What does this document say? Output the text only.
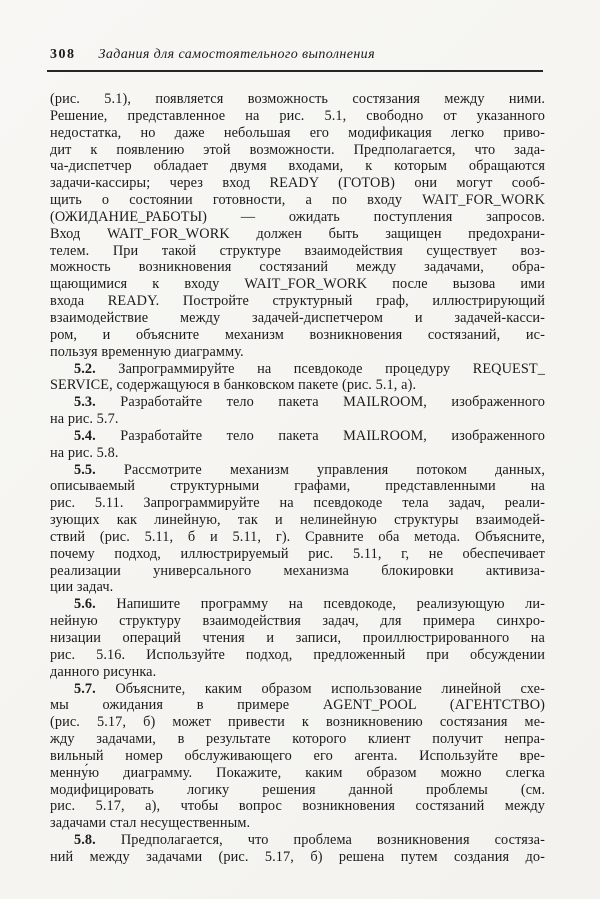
308 Задания для самостоятельного выполнения
(рис. 5.1), появляется возможность состязания между ними.
Решение, представленное на рис. 5.1, свободно от указанного
недостатка, но даже небольшая его модификация легко приво-
дит к появлению этой возможности. Предполагается, что зада-
ча-диспетчер обладает двумя входами, к которым обращаются
задачи-кассиры; через вход READY (ГОТОВ) они могут сооб-
щить о состоянии готовности, а по входу WAIT_FOR_WORK
(ОЖИДАНИЕ_РАБОТЫ) — ожидать поступления запросов.
Вход WAIT_FOR_WORK должен быть защищен предохрани-
телем. При такой структуре взаимодействия существует воз-
можность возникновения состязаний между задачами, обра-
щающимися к входу WAIT_FOR_WORK после вызова ими
входа READY. Постройте структурный граф, иллюстрирующий
взаимодействие между задачей-диспетчером и задачей-касси-
ром, и объясните механизм возникновения состязаний, ис-
пользуя временную диаграмму.
5.2. Запрограммируйте на псевдокоде процедуру REQUEST_
SERVICE, содержащуюся в банковском пакете (рис. 5.1, а).
5.3. Разработайте тело пакета MAILROOM, изображенного
на рис. 5.7.
5.4. Разработайте тело пакета MAILROOM, изображенного
на рис. 5.8.
5.5. Рассмотрите механизм управления потоком данных,
описываемый структурными графами, представленными на
рис. 5.11. Запрограммируйте на псевдокоде тела задач, реали-
зующих как линейную, так и нелинейную структуры взаимодей-
ствий (рис. 5.11, б и 5.11, г). Сравните оба метода. Объясните,
почему подход, иллюстрируемый рис. 5.11, г, не обеспечивает
реализации универсального механизма блокировки активиза-
ции задач.
5.6. Напишите программу на псевдокоде, реализующую ли-
нейную структуру взаимодействия задач, для примера синхро-
низации операций чтения и записи, проиллюстрированного на
рис. 5.16. Используйте подход, предложенный при обсуждении
данного рисунка.
5.7. Объясните, каким образом использование линейной схе-
мы ожидания в примере AGENT_POOL (АГЕНТСТВО)
(рис. 5.17, б) может привести к возникновению состязания ме-
жду задачами, в результате которого клиент получит непра-
вильный номер обслуживающего его агента. Используйте вре-
менну́ю диаграмму. Покажите, каким образом можно слегка
модифицировать логику решения данной проблемы (см.
рис. 5.17, а), чтобы вопрос возникновения состязаний между
задачами стал несущественным.
5.8. Предполагается, что проблема возникновения состяза-
ний между задачами (рис. 5.17, б) решена путем создания до-
